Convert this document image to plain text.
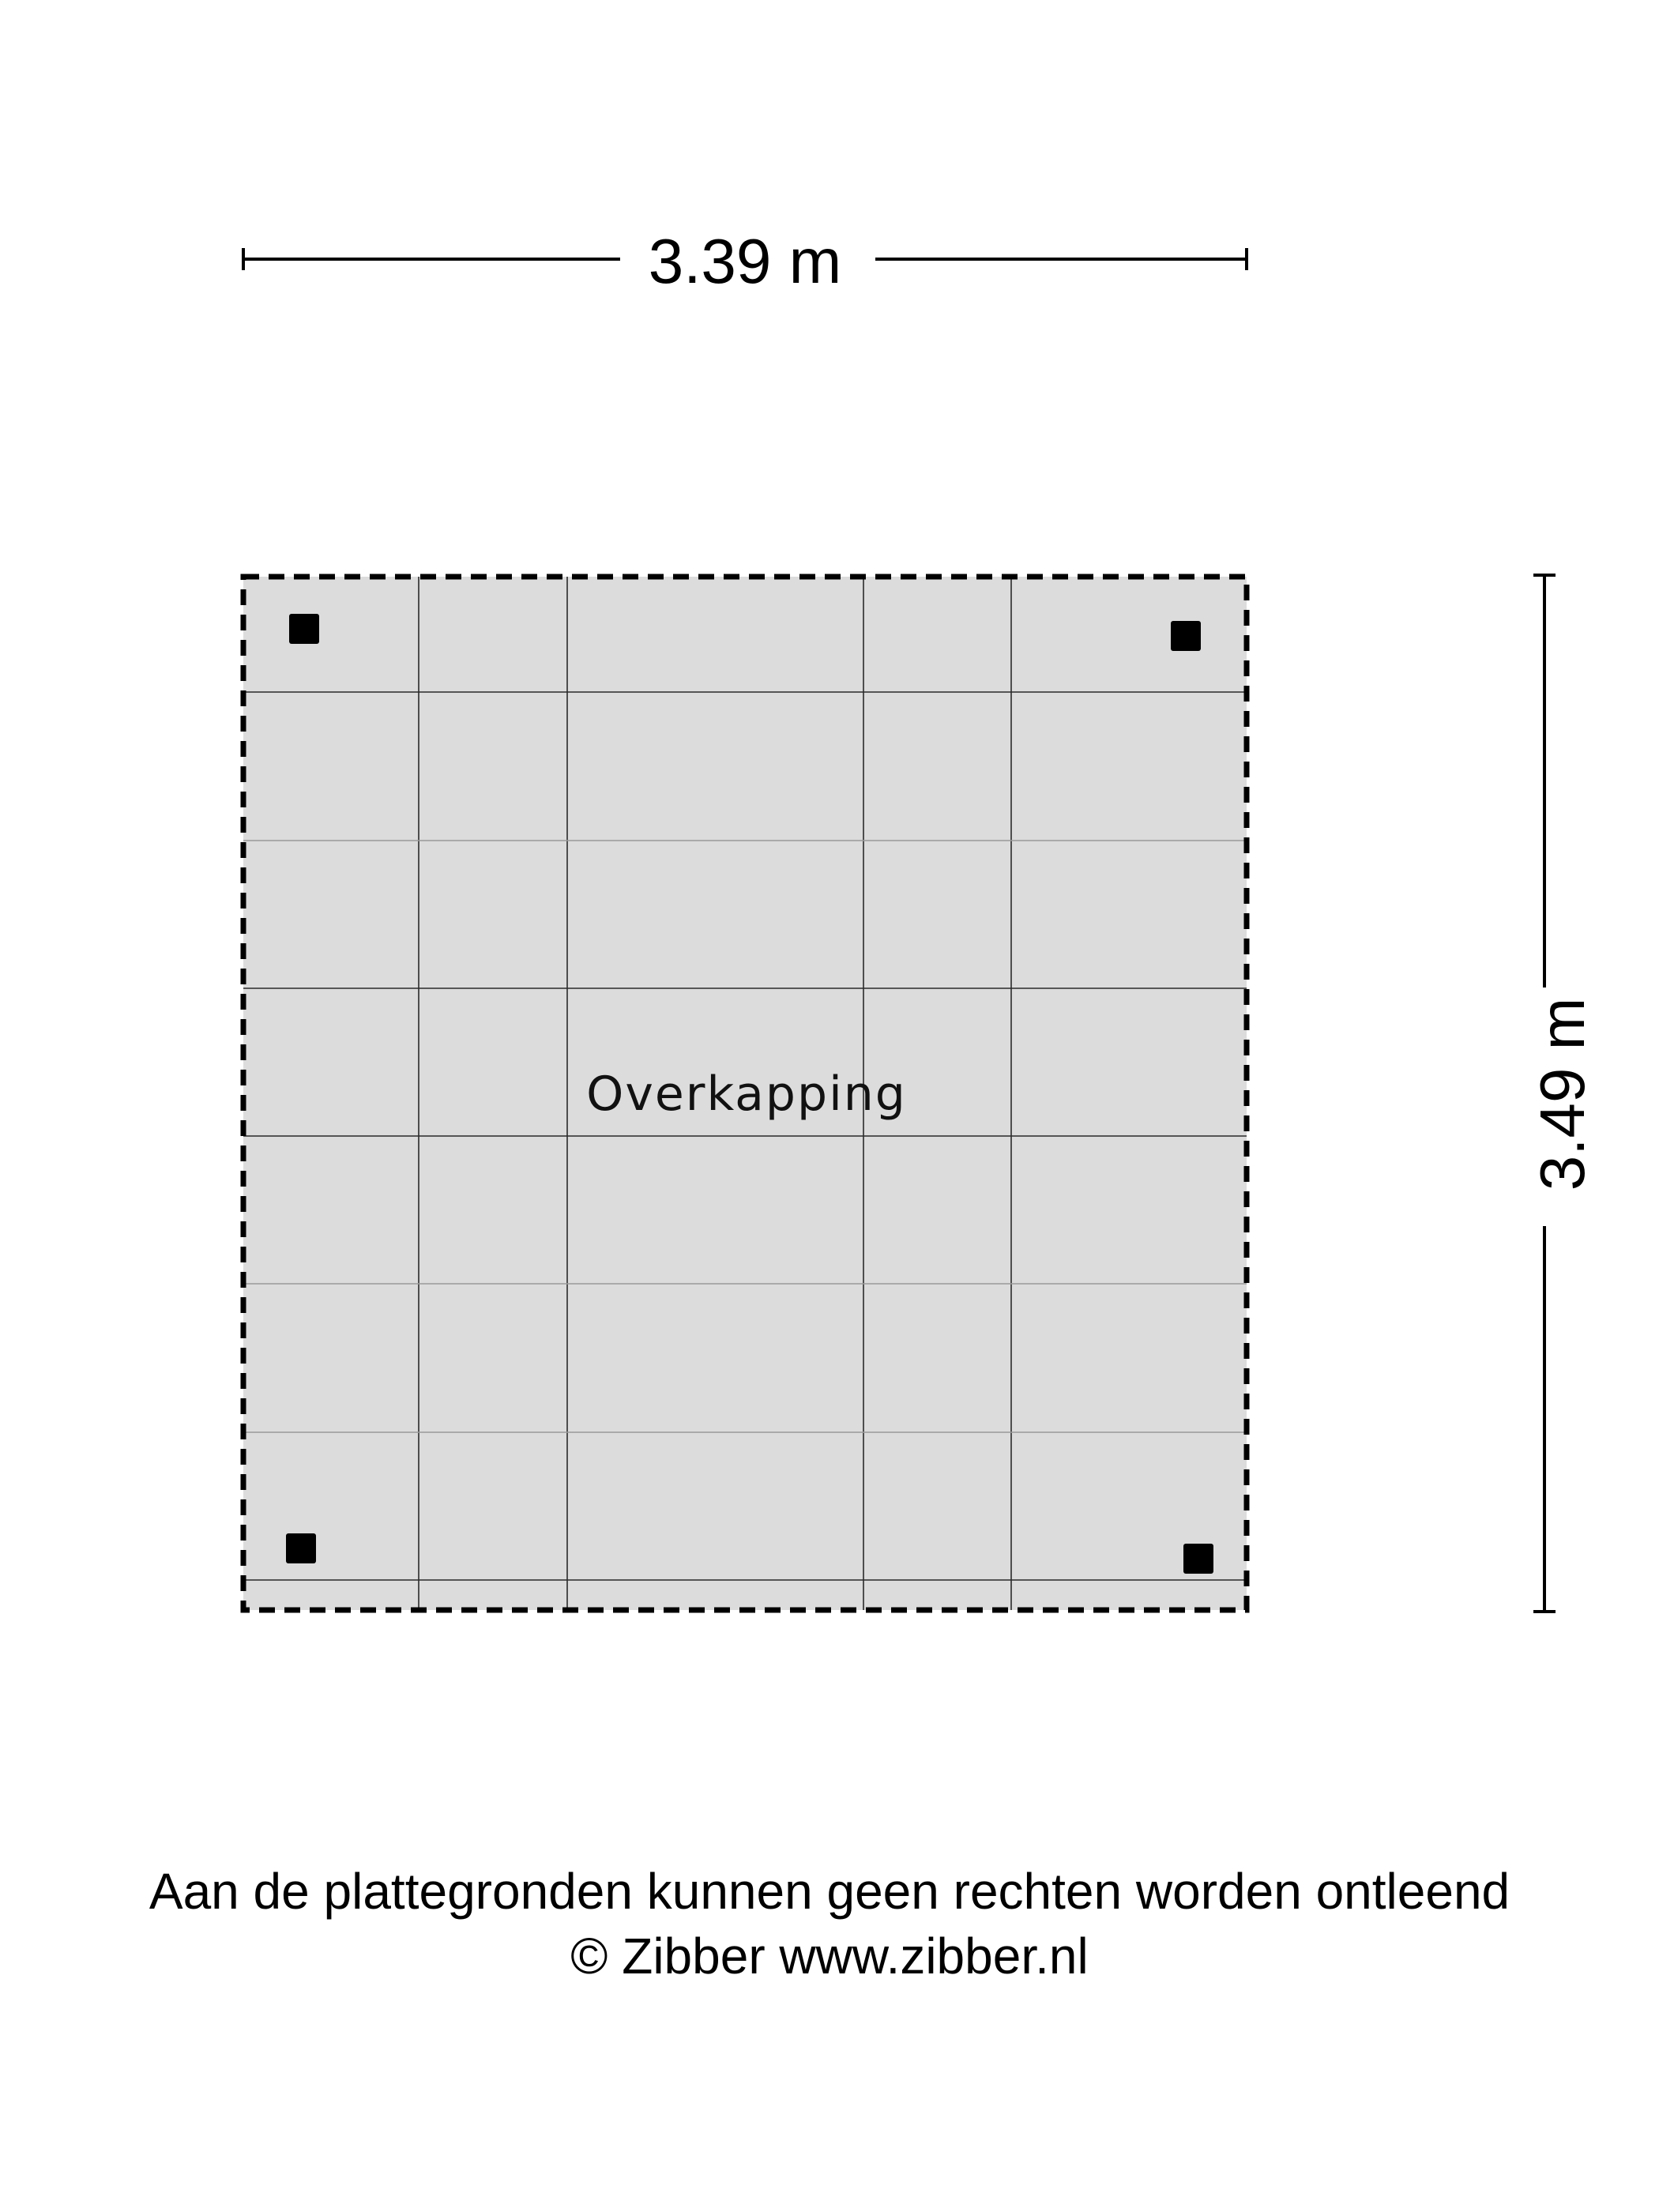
3.39 m
3.49 m
Overkapping
Aan de plattegronden kunnen geen rechten worden ontleend
© Zibber www.zibber.nl
